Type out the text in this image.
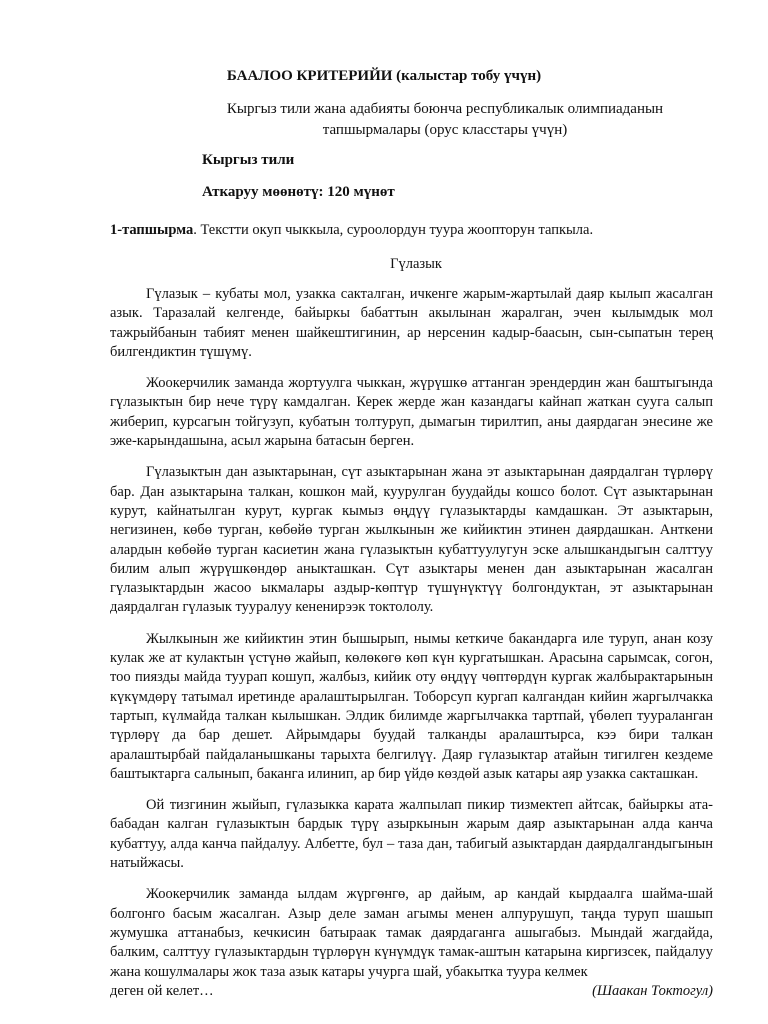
БААЛОО КРИТЕРИЙИ (калыстар тобу үчүн)
Кыргыз тили жана адабияты боюнча республикалык олимпиаданын тапшырмалары (орус класстары үчүн)
Кыргыз тили
Аткаруу мөөнөтү: 120 мүнөт
1-тапшырма. Текстти окуп чыккыла, суроолордун туура жоопторун тапкыла.
Гүлазык

Гүлазык – кубаты мол, узакка сакталган, ичкенге жарым-жартылай даяр кылып жасалган азык. Таразалай келгенде, байыркы бабаттын акылынан жаралган, эчен кылымдык мол тажрыйбанын табият менен шайкештигинин, ар нерсенин кадыр-баасын, сын-сыпатын терең билгендиктин түшүмү.

Жоокерчилик заманда жортуулга чыккан, жүрүшкө аттанган эрендердин жан баштыгында гүлазыктын бир нече түрү камдалган. Керек жерде жан казандагы кайнап жаткан сууга салып жиберип, курсагын тойгузуп, кубатын толтуруп, дымагын тирилтип, аны даярдаган энесине же эже-карындашына, асыл жарына батасын берген.

Гүлазыктын дан азыктарынан, сүт азыктарынан жана эт азыктарынан даярдалган түрлөрү бар. Дан азыктарына талкан, кошкон май, куурулган буудайды кошсо болот. Сүт азыктарынан курут, кайнатылган курут, кургак кымыз өңдүү гүлазыктарды камдашкан. Эт азыктарын, негизинен, көбө турган, көбөйө турган жылкынын же кийиктин этинен даярдашкан. Анткени алардын көбөйө турган касиетин жана гүлазыктын кубаттуулугун эске алышкандыгын салттуу билим алып жүрүшкөндөр аныкташкан. Сүт азыктары менен дан азыктарынан жасалган гүлазыктардын жасоо ыкмалары аздыр-көптүр түшүнүктүү болгондуктан, эт азыктарынан даярдалган гүлазык тууралуу кененирээк токтололу.

Жылкынын же кийиктин этин бышырып, нымы кеткиче бакандарга иле туруп, анан козу кулак же ат кулактын үстүнө жайып, көлөкөгө көп күн кургатышкан. Арасына сарымсак, согон, тоо пиязды майда туурап кошуп, жалбыз, кийик оту өңдүү чөптөрдүн кургак жалбырактарынын күкүмдөрү татымал иретинде аралаштырылган. Тоборсуп кургап калгандан кийин жаргылчакка тартып, күлмайда талкан кылышкан. Элдик билимде жаргылчакка тартпай, үбөлеп туураланган түрлөрү да бар дешет. Айрымдары буудай талканды аралаштырса, кээ бири талкан аралаштырбай пайдаланышканы тарыхта белгилүү. Даяр гүлазыктар атайын тигилген кездеме баштыктарга салынып, баканга илинип, ар бир үйдө көздөй азык катары аяр узакка сакташкан.

Ой тизгинин жыйып, гүлазыкка карата жалпылап пикир тизмектеп айтсак, байыркы ата-бабадан калган гүлазыктын бардык түрү азыркынын жарым даяр азыктарынан алда канча кубаттуу, алда канча пайдалуу. Албетте, бул – таза дан, табигый азыктардан даярдалгандыгынын натыйжасы.

Жоокерчилик заманда ылдам жүргөнгө, ар дайым, ар кандай кырдаалга шайма-шай болгонго басым жасалган. Азыр деле заман агымы менен алпурушуп, таңда туруп шашып жумушка аттанабыз, кечкисин батыраак тамак даярдаганга ашыгабыз. Мындай жагдайда, балким, салттуу гүлазыктардын түрлөрүн күнүмдүк тамак-аштын катарына киргизсек, пайдалуу жана кошулмалары жок таза азык катары учурга шай, убакытка туура келмек

деген ой келет…	(Шаакан Токтогул)
